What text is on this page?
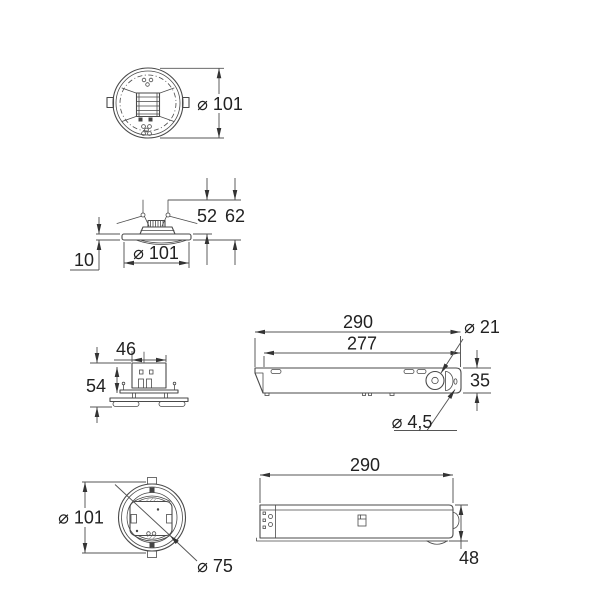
⌀ 101
52 62
10 ⌀ 101
46
54
290
277
⌀ 21
35
⌀ 4,5
⌀ 101
⌀ 75
290
48
